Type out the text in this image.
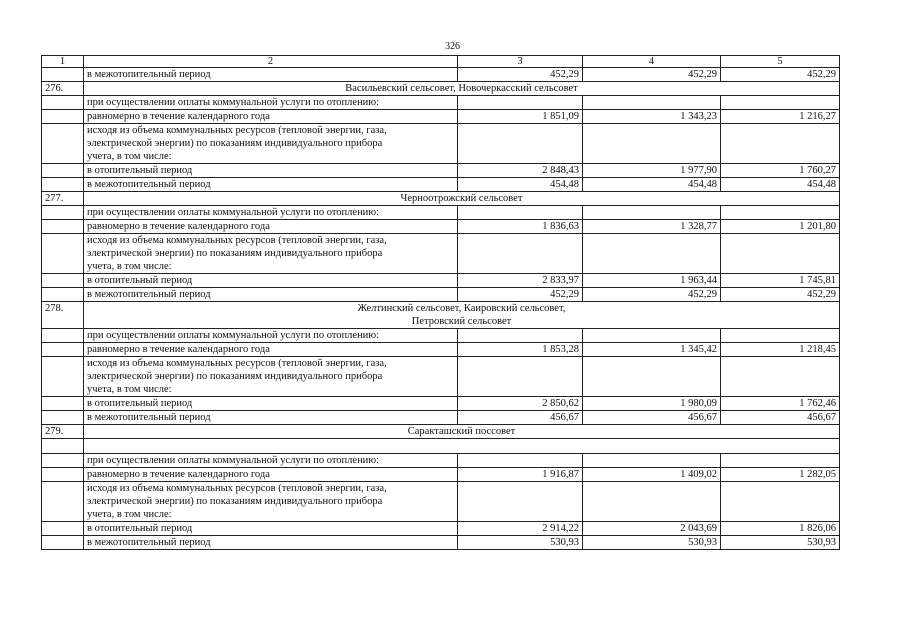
326
1	2	3	4	5
	в межотопительный период	452,29	452,29	452,29
276.	Васильевский сельсовет, Новочеркасский сельсовет			
	при осуществлении оплаты коммунальной услуги по отоплению:			
	равномерно в течение календарного года	1 851,09	1 343,23	1 216,27
	исходя из объема коммунальных ресурсов (тепловой энергии, газа,
электрической энергии) по показаниям индивидуального прибора
учета, в том числе:			
	в отопительный период	2 848,43	1 977,90	1 760,27
	в межотопительный период	454,48	454,48	454,48
277.	Черноотрожский сельсовет			
	при осуществлении оплаты коммунальной услуги по отоплению:			
	равномерно в течение календарного года	1 836,63	1 328,77	1 201,80
	исходя из объема коммунальных ресурсов (тепловой энергии, газа,
электрической энергии) по показаниям индивидуального прибора
учета, в том числе:			
	в отопительный период	2 833,97	1 963,44	1 745,81
	в межотопительный период	452,29	452,29	452,29
278.	Желтинский сельсовет, Каировский сельсовет,
Петровский сельсовет			
	при осуществлении оплаты коммунальной услуги по отоплению:			
	равномерно в течение календарного года	1 853,28	1 345,42	1 218,45
	исходя из объема коммунальных ресурсов (тепловой энергии, газа,
электрической энергии) по показаниям индивидуального прибора
учета, в том числе:			
	в отопительный период	2 850,62	1 980,09	1 762,46
	в межотопительный период	456,67	456,67	456,67
279.	Саракташский поссовет			

	при осуществлении оплаты коммунальной услуги по отоплению:			
	равномерно в течение календарного года	1 916,87	1 409,02	1 282,05
	исходя из объема коммунальных ресурсов (тепловой энергии, газа,
электрической энергии) по показаниям индивидуального прибора
учета, в том числе:			
	в отопительный период	2 914,22	2 043,69	1 826,06
	в межотопительный период	530,93	530,93	530,93
